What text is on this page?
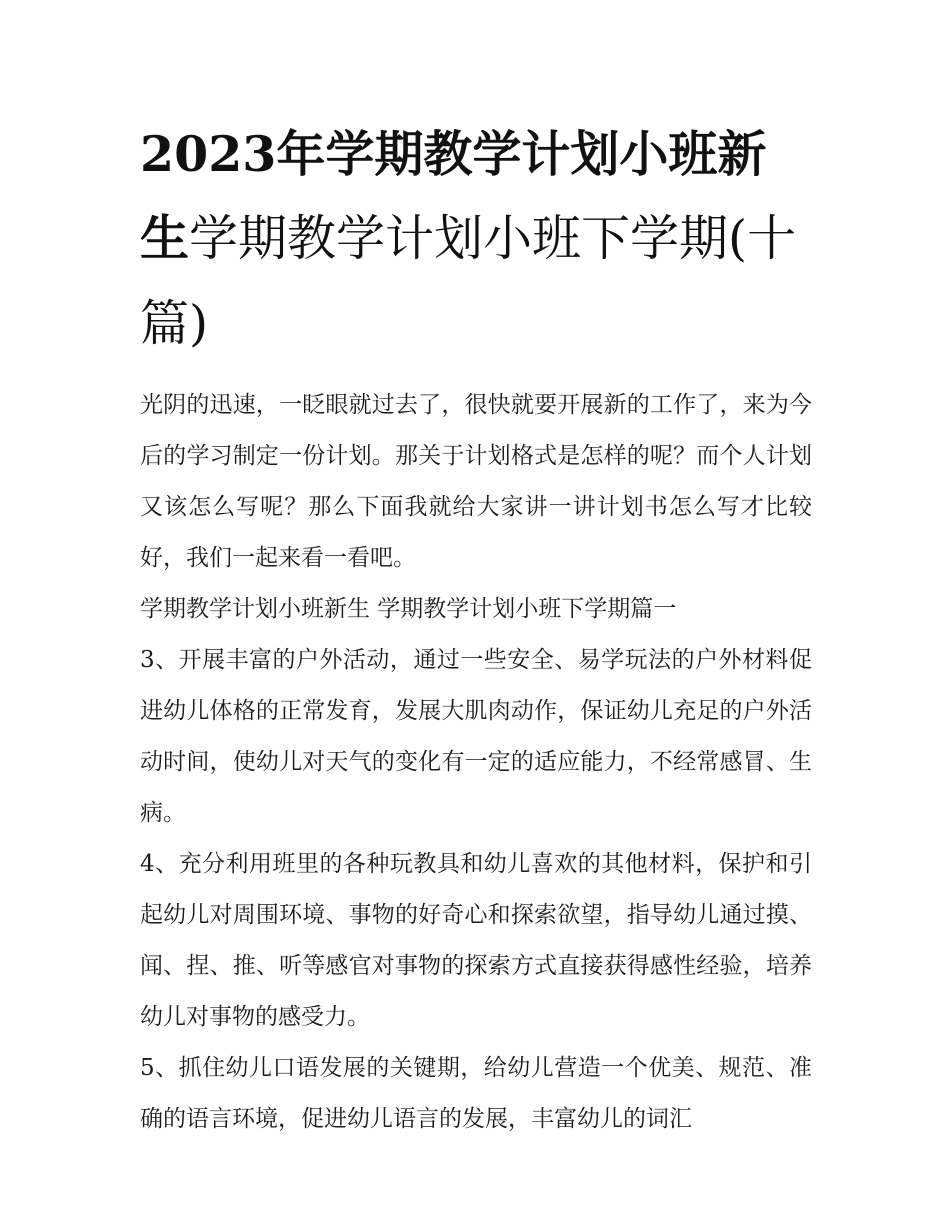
2023年学期教学计划小班新生学期教学计划小班下学期(十篇)

光阴的迅速，一眨眼就过去了，很快就要开展新的工作了，来为今后的学习制定一份计划。那关于计划格式是怎样的呢？而个人计划又该怎么写呢？那么下面我就给大家讲一讲计划书怎么写才比较好，我们一起来看一看吧。

学期教学计划小班新生 学期教学计划小班下学期篇一

3、开展丰富的户外活动，通过一些安全、易学玩法的户外材料促进幼儿体格的正常发育，发展大肌肉动作，保证幼儿充足的户外活动时间，使幼儿对天气的变化有一定的适应能力，不经常感冒、生病。

4、充分利用班里的各种玩教具和幼儿喜欢的其他材料，保护和引起幼儿对周围环境、事物的好奇心和探索欲望，指导幼儿通过摸、闻、捏、推、听等感官对事物的探索方式直接获得感性经验，培养幼儿对事物的感受力。

5、抓住幼儿口语发展的关键期，给幼儿营造一个优美、规范、准确的语言环境，促进幼儿语言的发展，丰富幼儿的词汇
